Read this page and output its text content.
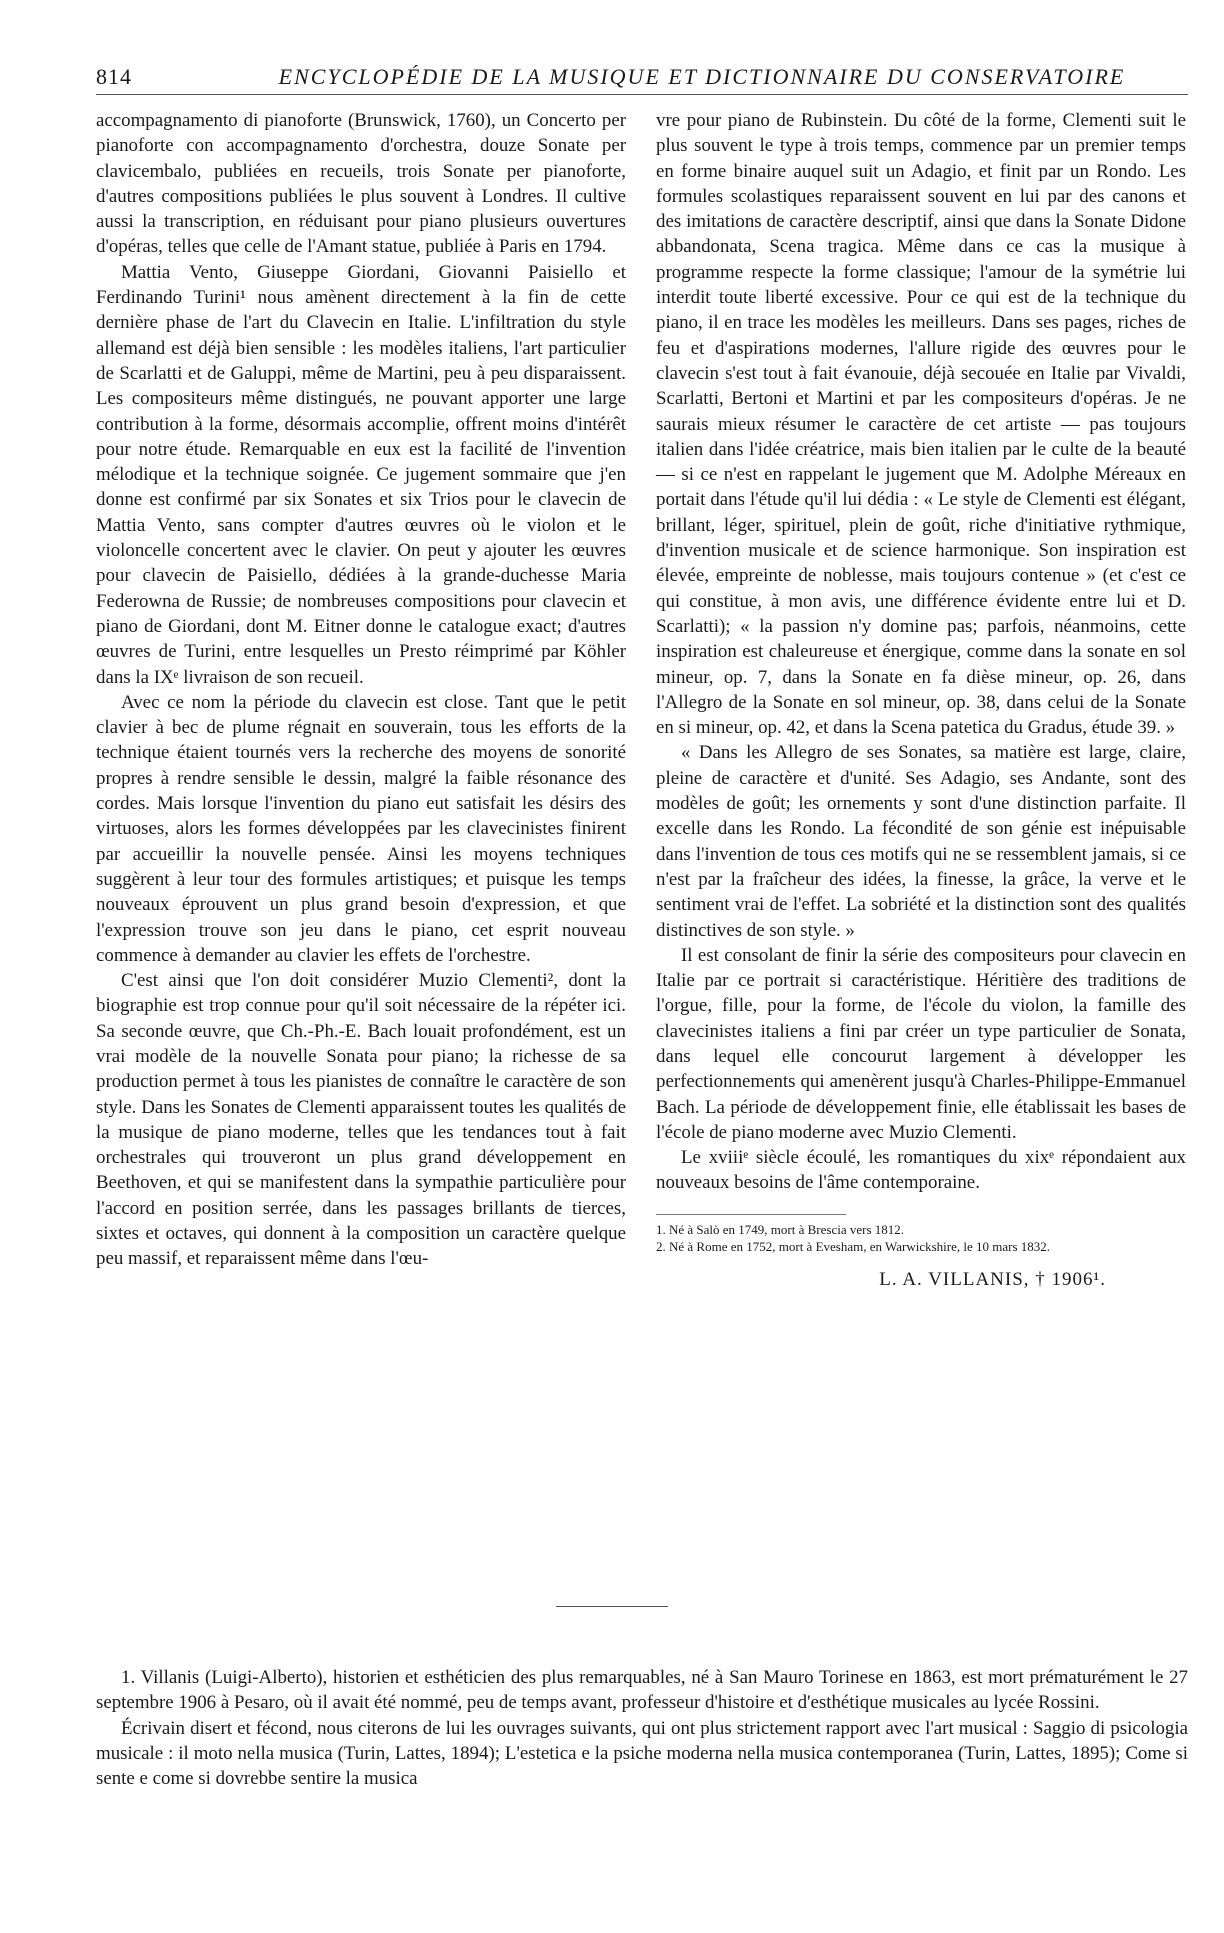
814	ENCYCLOPÉDIE DE LA MUSIQUE ET DICTIONNAIRE DU CONSERVATOIRE

accompagnamento di pianoforte (Brunswick, 1760), un Concerto per pianoforte con accompagnamento d'orchestra, douze Sonate per clavicembalo, publiées en recueils, trois Sonate per pianoforte, d'autres compositions publiées le plus souvent à Londres. Il cultive aussi la transcription, en réduisant pour piano plusieurs ouvertures d'opéras, telles que celle de l'Amant statue, publiée à Paris en 1794.

Mattia Vento, Giuseppe Giordani, Giovanni Paisiello et Ferdinando Turini¹ nous amènent directement à la fin de cette dernière phase de l'art du Clavecin en Italie. L'infiltration du style allemand est déjà bien sensible : les modèles italiens, l'art particulier de Scarlatti et de Galuppi, même de Martini, peu à peu disparaissent. Les compositeurs même distingués, ne pouvant apporter une large contribution à la forme, désormais accomplie, offrent moins d'intérêt pour notre étude. Remarquable en eux est la facilité de l'invention mélodique et la technique soignée. Ce jugement sommaire que j'en donne est confirmé par six Sonates et six Trios pour le clavecin de Mattia Vento, sans compter d'autres œuvres où le violon et le violoncelle concertent avec le clavier. On peut y ajouter les œuvres pour clavecin de Paisiello, dédiées à la grande-duchesse Maria Federowna de Russie; de nombreuses compositions pour clavecin et piano de Giordani, dont M. Eitner donne le catalogue exact; d'autres œuvres de Turini, entre lesquelles un Presto réimprimé par Köhler dans la IXᵉ livraison de son recueil.

Avec ce nom la période du clavecin est close. Tant que le petit clavier à bec de plume régnait en souverain, tous les efforts de la technique étaient tournés vers la recherche des moyens de sonorité propres à rendre sensible le dessin, malgré la faible résonance des cordes. Mais lorsque l'invention du piano eut satisfait les désirs des virtuoses, alors les formes développées par les clavecinistes finirent par accueillir la nouvelle pensée. Ainsi les moyens techniques suggèrent à leur tour des formules artistiques; et puisque les temps nouveaux éprouvent un plus grand besoin d'expression, et que l'expression trouve son jeu dans le piano, cet esprit nouveau commence à demander au clavier les effets de l'orchestre.

C'est ainsi que l'on doit considérer Muzio Clementi², dont la biographie est trop connue pour qu'il soit nécessaire de la répéter ici. Sa seconde œuvre, que Ch.-Ph.-E. Bach louait profondément, est un vrai modèle de la nouvelle Sonata pour piano; la richesse de sa production permet à tous les pianistes de connaître le caractère de son style. Dans les Sonates de Clementi apparaissent toutes les qualités de la musique de piano moderne, telles que les tendances tout à fait orchestrales qui trouveront un plus grand développement en Beethoven, et qui se manifestent dans la sympathie particulière pour l'accord en position serrée, dans les passages brillants de tierces, sixtes et octaves, qui donnent à la composition un caractère quelque peu massif, et reparaissent même dans l'œu-

vre pour piano de Rubinstein. Du côté de la forme, Clementi suit le plus souvent le type à trois temps, commence par un premier temps en forme binaire auquel suit un Adagio, et finit par un Rondo. Les formules scolastiques reparaissent souvent en lui par des canons et des imitations de caractère descriptif, ainsi que dans la Sonate Didone abbandonata, Scena tragica. Même dans ce cas la musique à programme respecte la forme classique; l'amour de la symétrie lui interdit toute liberté excessive. Pour ce qui est de la technique du piano, il en trace les modèles les meilleurs. Dans ses pages, riches de feu et d'aspirations modernes, l'allure rigide des œuvres pour le clavecin s'est tout à fait évanouie, déjà secouée en Italie par Vivaldi, Scarlatti, Bertoni et Martini et par les compositeurs d'opéras. Je ne saurais mieux résumer le caractère de cet artiste — pas toujours italien dans l'idée créatrice, mais bien italien par le culte de la beauté — si ce n'est en rappelant le jugement que M. Adolphe Méreaux en portait dans l'étude qu'il lui dédia : « Le style de Clementi est élégant, brillant, léger, spirituel, plein de goût, riche d'initiative rythmique, d'invention musicale et de science harmonique. Son inspiration est élevée, empreinte de noblesse, mais toujours contenue » (et c'est ce qui constitue, à mon avis, une différence évidente entre lui et D. Scarlatti); « la passion n'y domine pas; parfois, néanmoins, cette inspiration est chaleureuse et énergique, comme dans la sonate en sol mineur, op. 7, dans la Sonate en fa dièse mineur, op. 26, dans l'Allegro de la Sonate en sol mineur, op. 38, dans celui de la Sonate en si mineur, op. 42, et dans la Scena patetica du Gradus, étude 39. »

« Dans les Allegro de ses Sonates, sa matière est large, claire, pleine de caractère et d'unité. Ses Adagio, ses Andante, sont des modèles de goût; les ornements y sont d'une distinction parfaite. Il excelle dans les Rondo. La fécondité de son génie est inépuisable dans l'invention de tous ces motifs qui ne se ressemblent jamais, si ce n'est par la fraîcheur des idées, la finesse, la grâce, la verve et le sentiment vrai de l'effet. La sobriété et la distinction sont des qualités distinctives de son style. »

Il est consolant de finir la série des compositeurs pour clavecin en Italie par ce portrait si caractéristique. Héritière des traditions de l'orgue, fille, pour la forme, de l'école du violon, la famille des clavecinistes italiens a fini par créer un type particulier de Sonata, dans lequel elle concourut largement à développer les perfectionnements qui amenèrent jusqu'à Charles-Philippe-Emmanuel Bach. La période de développement finie, elle établissait les bases de l'école de piano moderne avec Muzio Clementi.

Le xviiiᵉ siècle écoulé, les romantiques du xixᵉ répondaient aux nouveaux besoins de l'âme contemporaine.

1. Né à Salò en 1749, mort à Brescia vers 1812.
2. Né à Rome en 1752, mort à Evesham, en Warwickshire, le 10 mars 1832.
L. A. VILLANIS, † 1906¹.

1. Villanis (Luigi-Alberto), historien et esthéticien des plus remarquables, né à San Mauro Torinese en 1863, est mort prématurément le 27 septembre 1906 à Pesaro, où il avait été nommé, peu de temps avant, professeur d'histoire et d'esthétique musicales au lycée Rossini.

Écrivain disert et fécond, nous citerons de lui les ouvrages suivants, qui ont plus strictement rapport avec l'art musical : Saggio di psicologia musicale : il moto nella musica (Turin, Lattes, 1894); L'estetica e la psiche moderna nella musica contemporanea (Turin, Lattes, 1895); Come si sente e come si dovrebbe sentire la musica
